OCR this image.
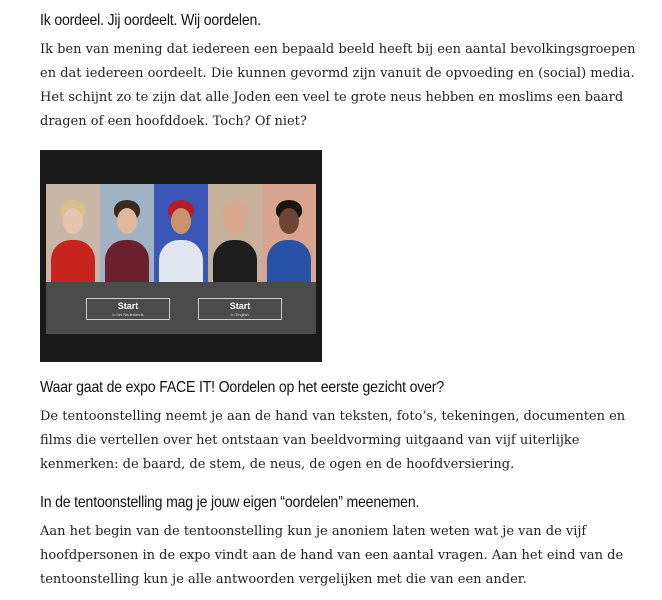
Ik oordeel. Jij oordeelt. Wij oordelen.

Ik ben van mening dat iedereen een bepaald beeld heeft bij een aantal bevolkingsgroepen en dat iedereen oordeelt. Die kunnen gevormd zijn vanuit de opvoeding en (social) media. Het schijnt zo te zijn dat alle Joden een veel te grote neus hebben en moslims een baard dragen of een hoofddoek. Toch? Of niet?

Start
in het Nederlands
Start
in English
Waar gaat de expo FACE IT! Oordelen op het eerste gezicht over?

De tentoonstelling neemt je aan de hand van teksten, foto’s, tekeningen, documenten en films die vertellen over het ontstaan van beeldvorming uitgaand van vijf uiterlijke kenmerken: de baard, de stem, de neus, de ogen en de hoofdversiering.

In de tentoonstelling mag je jouw eigen “oordelen” meenemen.

Aan het begin van de tentoonstelling kun je anoniem laten weten wat je van de vijf hoofdpersonen in de expo vindt aan de hand van een aantal vragen. Aan het eind van de tentoonstelling kun je alle antwoorden vergelijken met die van een ander.
